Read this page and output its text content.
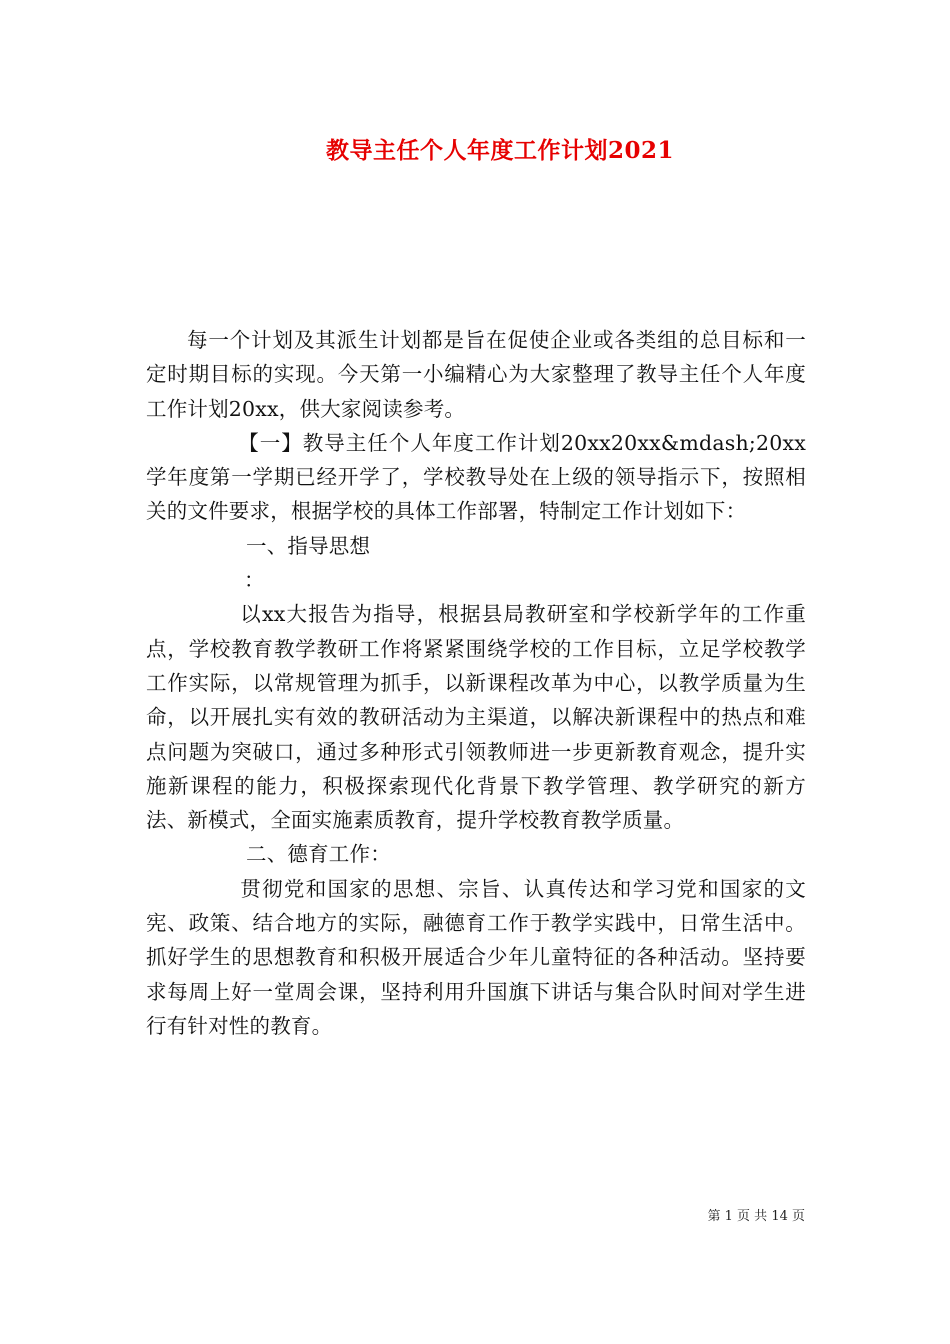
教导主任个人年度工作计划2021

每一个计划及其派生计划都是旨在促使企业或各类组的总目标和一定时期目标的实现。今天第一小编精心为大家整理了教导主任个人年度工作计划20xx，供大家阅读参考。

【一】教导主任个人年度工作计划20xx20xx&mdash;20xx学年度第一学期已经开学了，学校教导处在上级的领导指示下，按照相关的文件要求，根据学校的具体工作部署，特制定工作计划如下：

一、指导思想

：

以xx大报告为指导，根据县局教研室和学校新学年的工作重点，学校教育教学教研工作将紧紧围绕学校的工作目标，立足学校教学工作实际，以常规管理为抓手，以新课程改革为中心，以教学质量为生命，以开展扎实有效的教研活动为主渠道，以解决新课程中的热点和难点问题为突破口，通过多种形式引领教师进一步更新教育观念，提升实施新课程的能力，积极探索现代化背景下教学管理、教学研究的新方法、新模式，全面实施素质教育，提升学校教育教学质量。

二、德育工作：

贯彻党和国家的思想、宗旨、认真传达和学习党和国家的文宪、政策、结合地方的实际，融德育工作于教学实践中，日常生活中。抓好学生的思想教育和积极开展适合少年儿童特征的各种活动。坚持要求每周上好一堂周会课，坚持利用升国旗下讲话与集合队时间对学生进行有针对性的教育。

第 1 页 共 14 页
